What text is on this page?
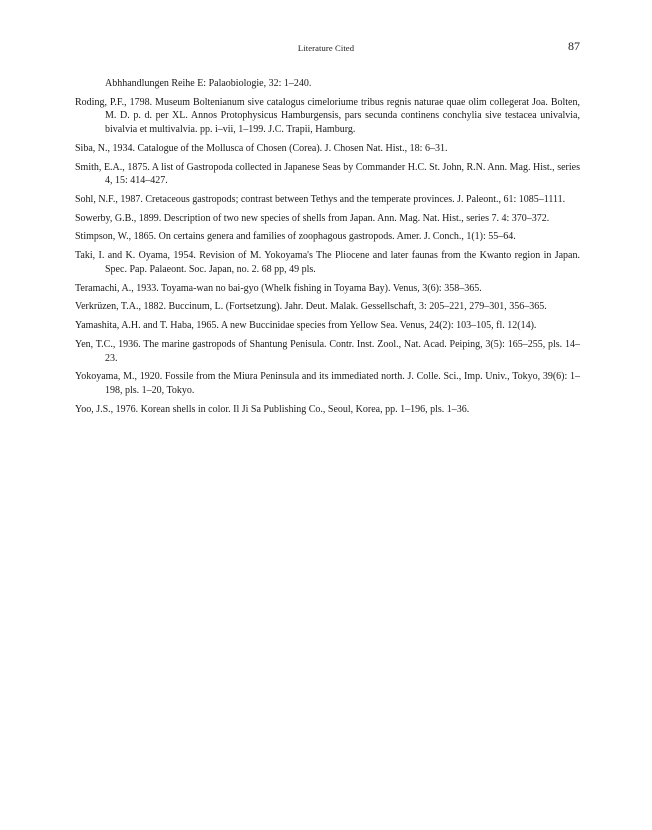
Literature Cited	87
Abhhandlungen Reihe E: Palaobiologie, 32: 1–240.
Roding, P.F., 1798. Museum Boltenianum sive catalogus cimeloriume tribus regnis naturae quae olim collegerat Joa. Bolten, M. D. p. d. per XL. Annos Protophysicus Hamburgensis, pars secunda continens conchylia sive testacea univalvia, bivalvia et multivalvia. pp. i–vii, 1–199. J.C. Trapii, Hamburg.
Siba, N., 1934. Catalogue of the Mollusca of Chosen (Corea). J. Chosen Nat. Hist., 18: 6–31.
Smith, E.A., 1875. A list of Gastropoda collected in Japanese Seas by Commander H.C. St. John, R.N. Ann. Mag. Hist., series 4, 15: 414–427.
Sohl, N.F., 1987. Cretaceous gastropods; contrast between Tethys and the temperate provinces. J. Paleont., 61: 1085–1111.
Sowerby, G.B., 1899. Description of two new species of shells from Japan. Ann. Mag. Nat. Hist., series 7. 4: 370–372.
Stimpson, W., 1865. On certains genera and families of zoophagous gastropods. Amer. J. Conch., 1(1): 55–64.
Taki, I. and K. Oyama, 1954. Revision of M. Yokoyama's The Pliocene and later faunas from the Kwanto region in Japan. Spec. Pap. Palaeont. Soc. Japan, no. 2. 68 pp, 49 pls.
Teramachi, A., 1933. Toyama-wan no bai-gyo (Whelk fishing in Toyama Bay). Venus, 3(6): 358–365.
Verkrüzen, T.A., 1882. Buccinum, L. (Fortsetzung). Jahr. Deut. Malak. Gessellschaft, 3: 205–221, 279–301, 356–365.
Yamashita, A.H. and T. Haba, 1965. A new Buccinidae species from Yellow Sea. Venus, 24(2): 103–105, fl. 12(14).
Yen, T.C., 1936. The marine gastropods of Shantung Penisula. Contr. Inst. Zool., Nat. Acad. Peiping, 3(5): 165–255, pls. 14–23.
Yokoyama, M., 1920. Fossile from the Miura Peninsula and its immediated north. J. Colle. Sci., Imp. Univ., Tokyo, 39(6): 1–198, pls. 1–20, Tokyo.
Yoo, J.S., 1976. Korean shells in color. Il Ji Sa Publishing Co., Seoul, Korea, pp. 1–196, pls. 1–36.
